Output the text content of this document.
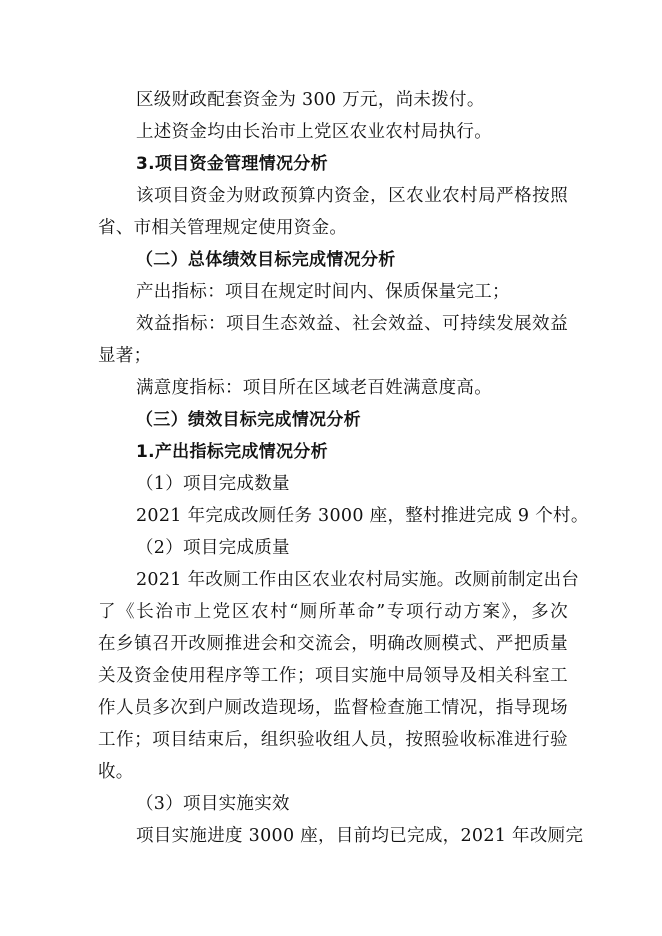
区级财政配套资金为 300 万元，尚未拨付。
上述资金均由长治市上党区农业农村局执行。
3.项目资金管理情况分析
该项目资金为财政预算内资金，区农业农村局严格按照
省、市相关管理规定使用资金。
（二）总体绩效目标完成情况分析
产出指标：项目在规定时间内、保质保量完工；
效益指标：项目生态效益、社会效益、可持续发展效益
显著；
满意度指标：项目所在区域老百姓满意度高。
（三）绩效目标完成情况分析
1.产出指标完成情况分析
（1）项目完成数量
2021 年完成改厕任务 3000 座，整村推进完成 9 个村。
（2）项目完成质量
2021 年改厕工作由区农业农村局实施。改厕前制定出台
了《长治市上党区农村“厕所革命”专项行动方案》，多次
在乡镇召开改厕推进会和交流会，明确改厕模式、严把质量
关及资金使用程序等工作；项目实施中局领导及相关科室工
作人员多次到户厕改造现场，监督检查施工情况，指导现场
工作；项目结束后，组织验收组人员，按照验收标准进行验
收。
（3）项目实施实效
项目实施进度 3000 座，目前均已完成，2021 年改厕完
